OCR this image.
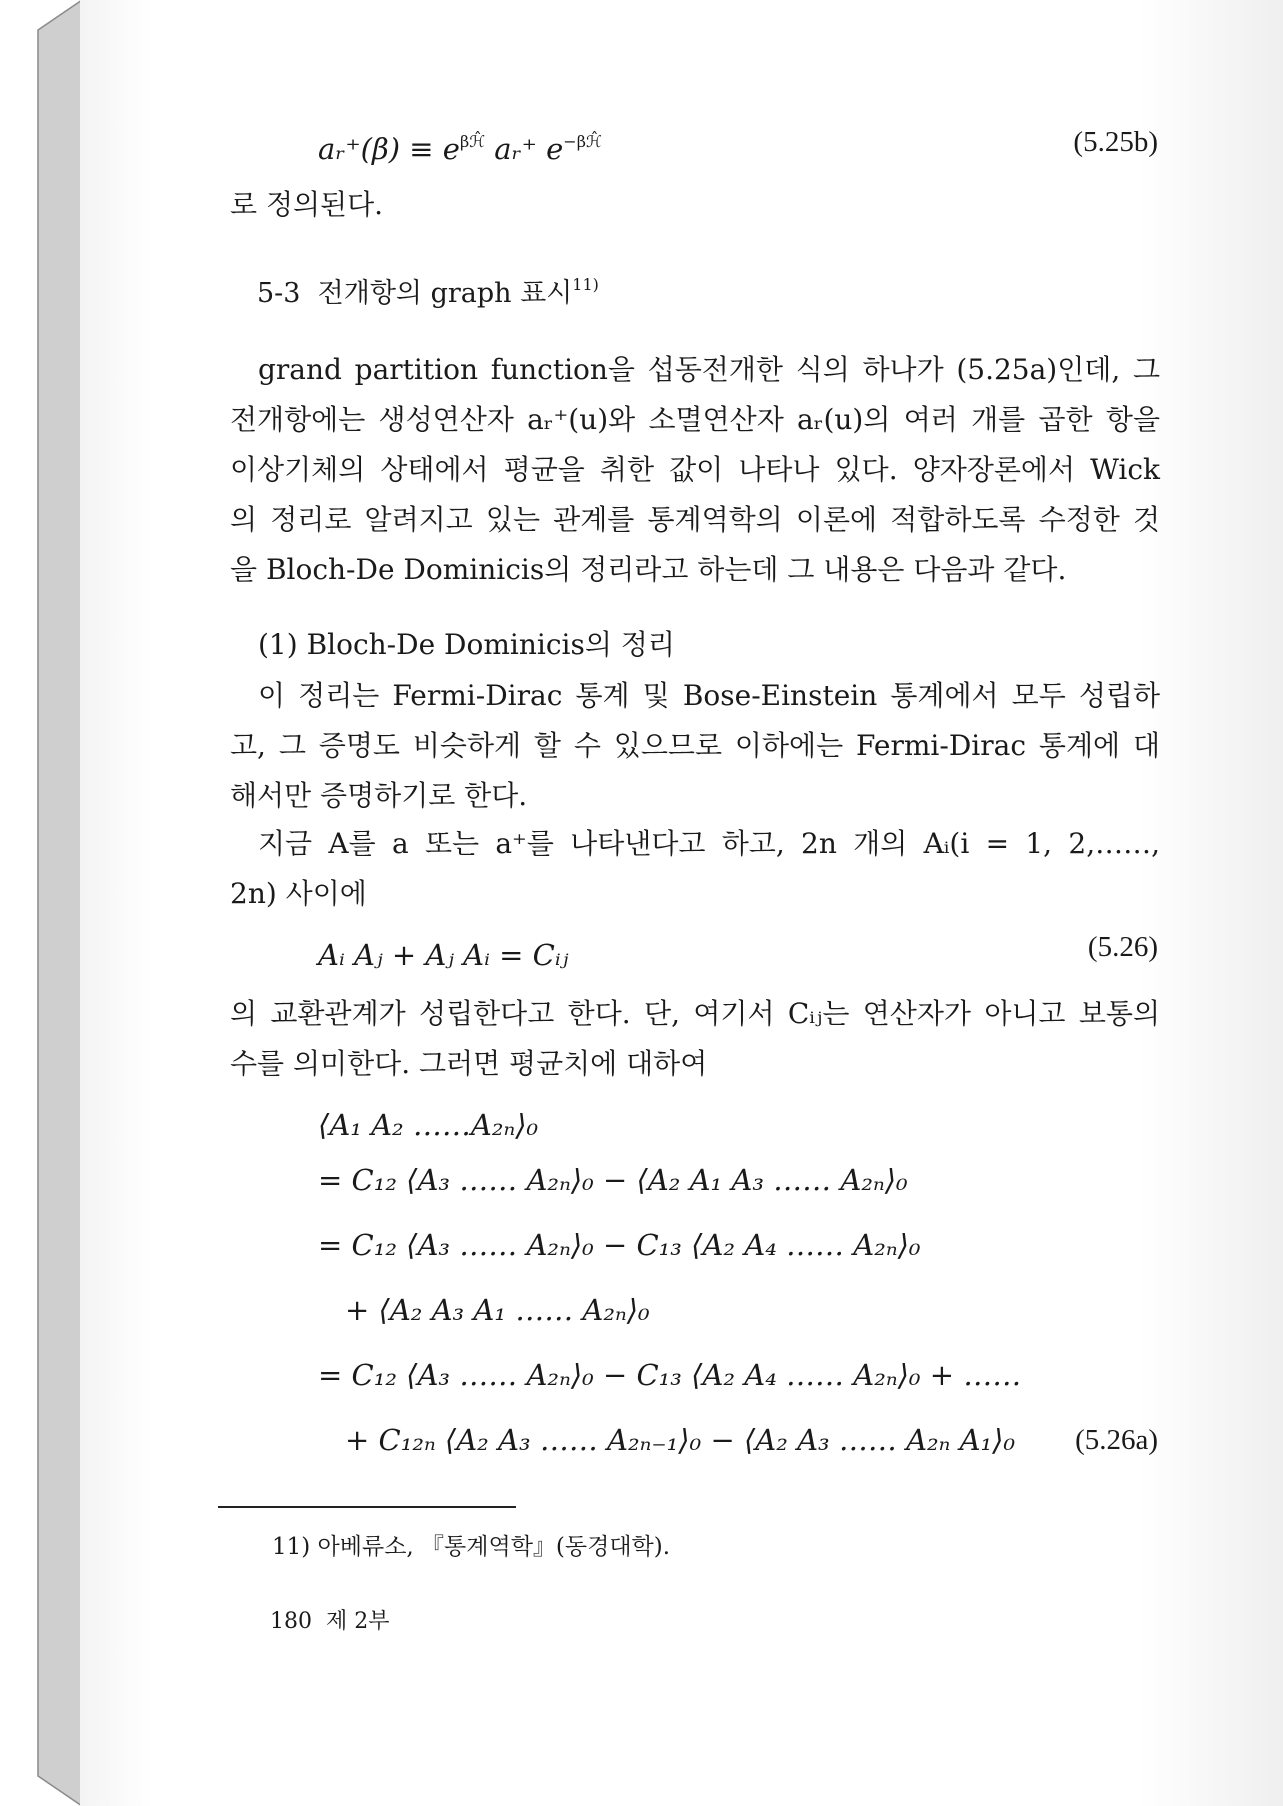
aᵣ⁺(β) ≡ $e^{\beta ℋ̂}$ aᵣ⁺ $e^{-\beta ℋ̂}$	(5.25b)
로 정의된다.
5-3 전개항의 graph 표시$^{11)}$
grand partition function을 섭동전개한 식의 하나가 (5.25a)인데, 그
전개항에는 생성연산자 aᵣ⁺(u)와 소멸연산자 aᵣ(u)의 여러 개를 곱한 항을
이상기체의 상태에서 평균을 취한 값이 나타나 있다. 양자장론에서 Wick
의 정리로 알려지고 있는 관계를 통계역학의 이론에 적합하도록 수정한 것
을 Bloch-De Dominicis의 정리라고 하는데 그 내용은 다음과 같다.
(1) Bloch-De Dominicis의 정리
이 정리는 Fermi-Dirac 통계 및 Bose-Einstein 통계에서 모두 성립하
고, 그 증명도 비슷하게 할 수 있으므로 이하에는 Fermi-Dirac 통계에 대
해서만 증명하기로 한다.
지금 A를 a 또는 a⁺를 나타낸다고 하고, 2n 개의 Aᵢ(i = 1, 2,……,
2n) 사이에
Aᵢ Aⱼ + Aⱼ Aᵢ = Cᵢⱼ	(5.26)
의 교환관계가 성립한다고 한다. 단, 여기서 Cᵢⱼ는 연산자가 아니고 보통의
수를 의미한다. 그러면 평균치에 대하여
⟨A₁ A₂ ……A₂ₙ⟩₀
= C₁₂ ⟨A₃ …… A₂ₙ⟩₀ − ⟨A₂ A₁ A₃ …… A₂ₙ⟩₀
= C₁₂ ⟨A₃ …… A₂ₙ⟩₀ − C₁₃ ⟨A₂ A₄ …… A₂ₙ⟩₀
+ ⟨A₂ A₃ A₁ …… A₂ₙ⟩₀
= C₁₂ ⟨A₃ …… A₂ₙ⟩₀ − C₁₃ ⟨A₂ A₄ …… A₂ₙ⟩₀ + ……
+ C₁₂ₙ ⟨A₂ A₃ …… A₂ₙ₋₁⟩₀ − ⟨A₂ A₃ …… A₂ₙ A₁⟩₀ (5.26a)
11) 아베류소, 『통계역학』(동경대학).
180 제 2부
